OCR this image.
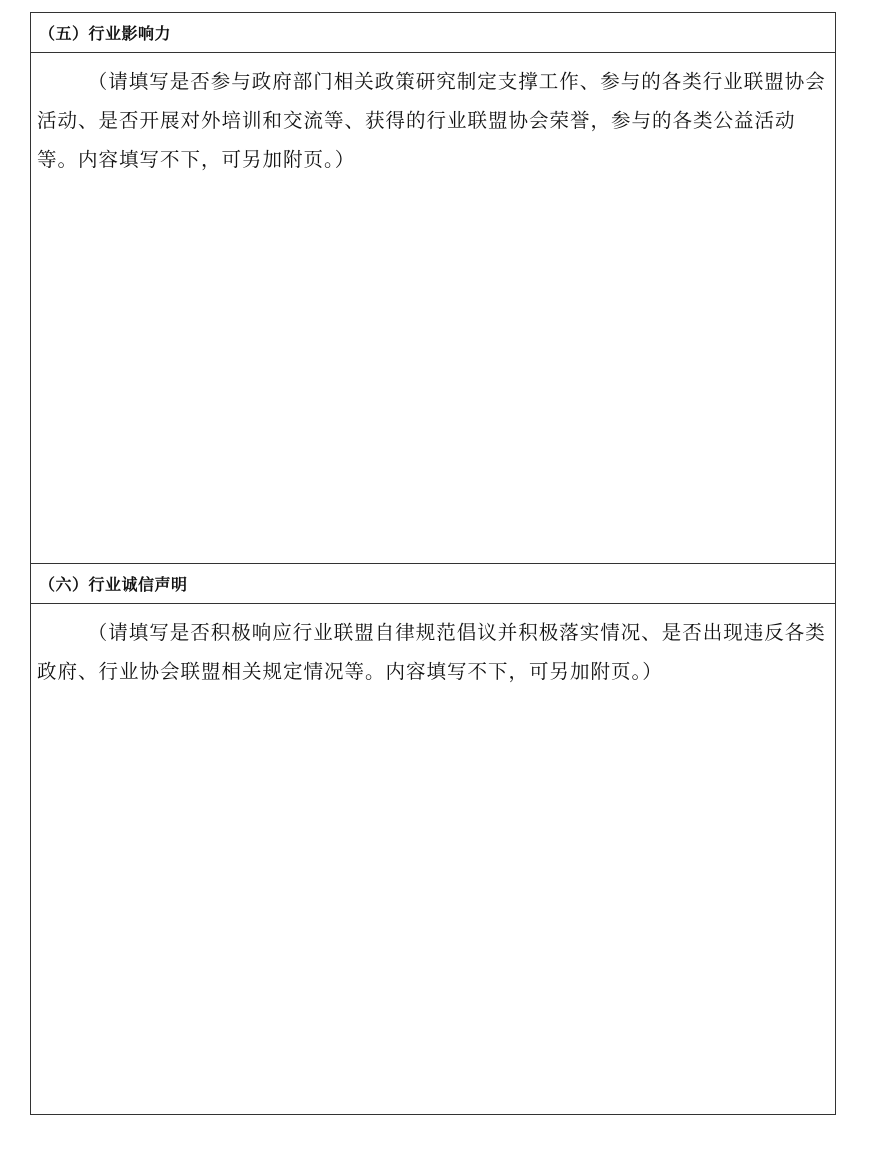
（五）行业影响力
（请填写是否参与政府部门相关政策研究制定支撑工作、参与的各类行业联盟协会活动、是否开展对外培训和交流等、获得的行业联盟协会荣誉，参与的各类公益活动等。内容填写不下，可另加附页。）
（六）行业诚信声明
（请填写是否积极响应行业联盟自律规范倡议并积极落实情况、是否出现违反各类政府、行业协会联盟相关规定情况等。内容填写不下，可另加附页。）
